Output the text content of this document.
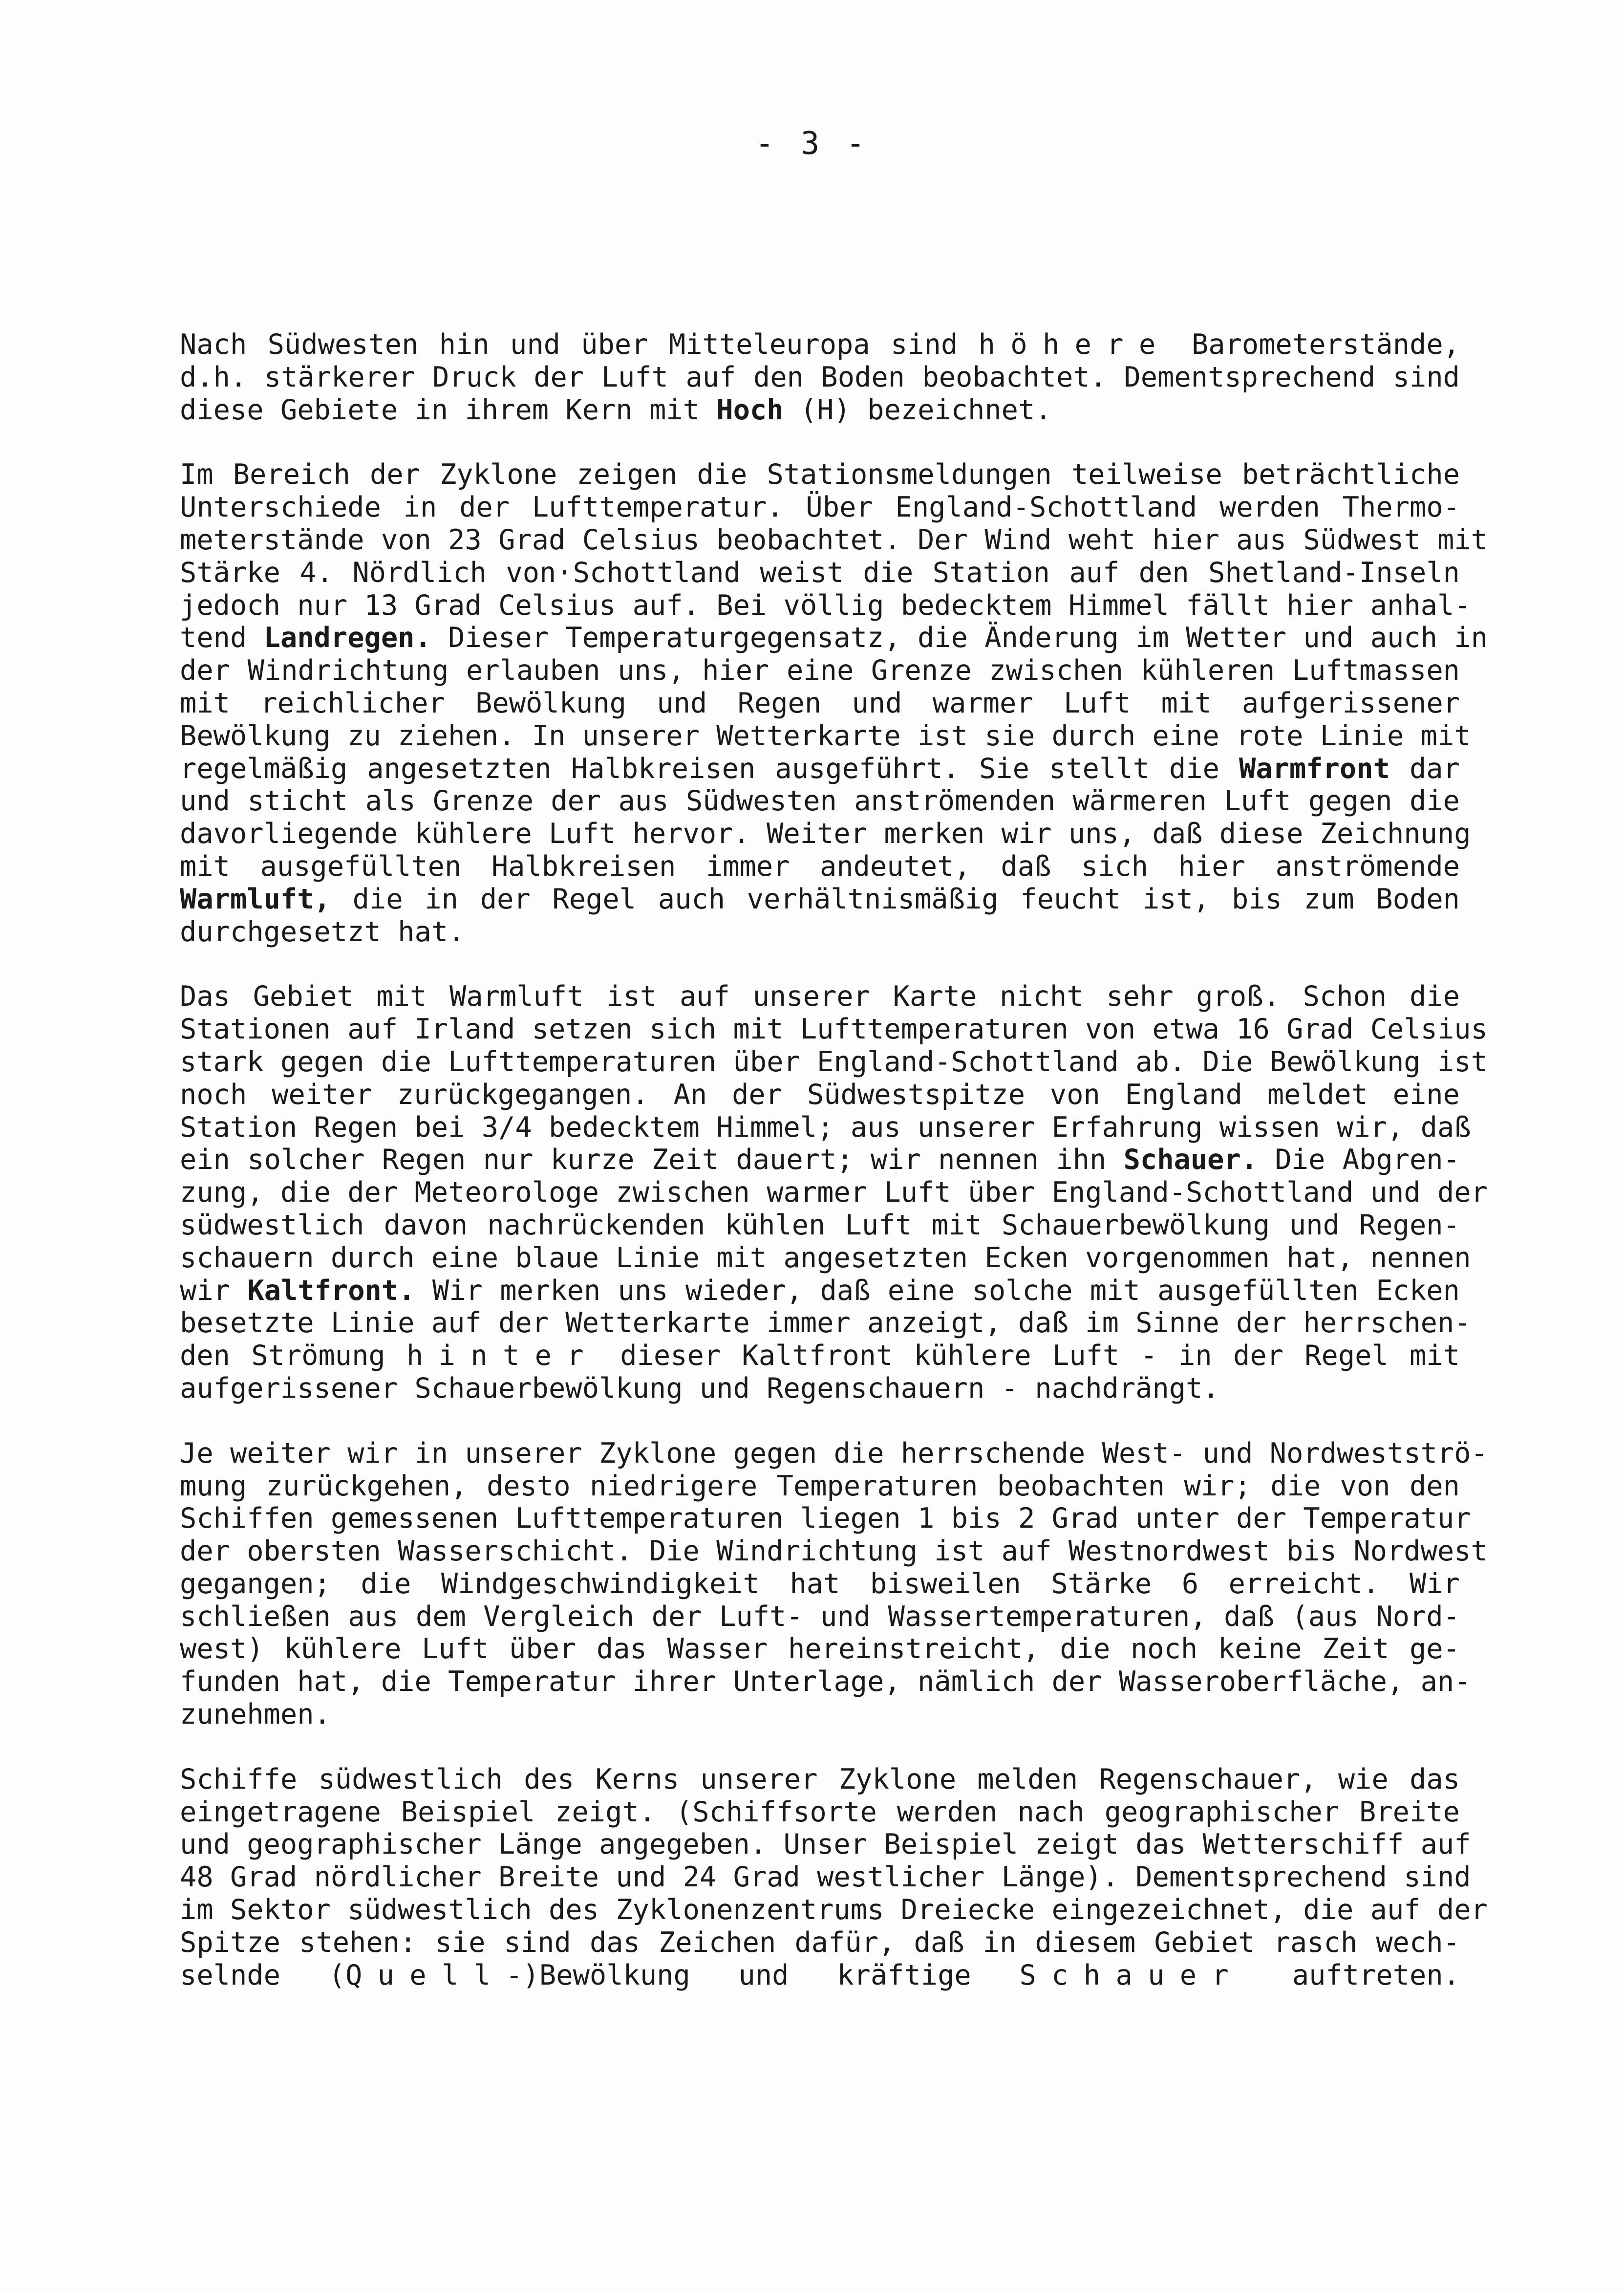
- 3 -
Nach Südwesten hin und über Mitteleuropa sind höhere Barometerstände,
d.h. stärkerer Druck der Luft auf den Boden beobachtet. Dementsprechend sind
diese Gebiete in ihrem Kern mit Hoch (H) bezeichnet.
Im Bereich der Zyklone zeigen die Stationsmeldungen teilweise beträchtliche
Unterschiede in der Lufttemperatur. Über England-Schottland werden Thermo-
meterstände von 23 Grad Celsius beobachtet. Der Wind weht hier aus Südwest mit
Stärke 4. Nördlich von·Schottland weist die Station auf den Shetland-Inseln
jedoch nur 13 Grad Celsius auf. Bei völlig bedecktem Himmel fällt hier anhal-
tend Landregen. Dieser Temperaturgegensatz, die Änderung im Wetter und auch in
der Windrichtung erlauben uns, hier eine Grenze zwischen kühleren Luftmassen
mit reichlicher Bewölkung und Regen und warmer Luft mit aufgerissener
Bewölkung zu ziehen. In unserer Wetterkarte ist sie durch eine rote Linie mit
regelmäßig angesetzten Halbkreisen ausgeführt. Sie stellt die Warmfront dar
und sticht als Grenze der aus Südwesten anströmenden wärmeren Luft gegen die
davorliegende kühlere Luft hervor. Weiter merken wir uns, daß diese Zeichnung
mit ausgefüllten Halbkreisen immer andeutet, daß sich hier anströmende
Warmluft, die in der Regel auch verhältnismäßig feucht ist, bis zum Boden
durchgesetzt hat.
Das Gebiet mit Warmluft ist auf unserer Karte nicht sehr groß. Schon die
Stationen auf Irland setzen sich mit Lufttemperaturen von etwa 16 Grad Celsius
stark gegen die Lufttemperaturen über England-Schottland ab. Die Bewölkung ist
noch weiter zurückgegangen. An der Südwestspitze von England meldet eine
Station Regen bei 3/4 bedecktem Himmel; aus unserer Erfahrung wissen wir, daß
ein solcher Regen nur kurze Zeit dauert; wir nennen ihn Schauer. Die Abgren-
zung, die der Meteorologe zwischen warmer Luft über England-Schottland und der
südwestlich davon nachrückenden kühlen Luft mit Schauerbewölkung und Regen-
schauern durch eine blaue Linie mit angesetzten Ecken vorgenommen hat, nennen
wir Kaltfront. Wir merken uns wieder, daß eine solche mit ausgefüllten Ecken
besetzte Linie auf der Wetterkarte immer anzeigt, daß im Sinne der herrschen-
den Strömung hinter dieser Kaltfront kühlere Luft - in der Regel mit
aufgerissener Schauerbewölkung und Regenschauern - nachdrängt.
Je weiter wir in unserer Zyklone gegen die herrschende West- und Nordwestströ-
mung zurückgehen, desto niedrigere Temperaturen beobachten wir; die von den
Schiffen gemessenen Lufttemperaturen liegen 1 bis 2 Grad unter der Temperatur
der obersten Wasserschicht. Die Windrichtung ist auf Westnordwest bis Nordwest
gegangen; die Windgeschwindigkeit hat bisweilen Stärke 6 erreicht. Wir
schließen aus dem Vergleich der Luft- und Wassertemperaturen, daß (aus Nord-
west) kühlere Luft über das Wasser hereinstreicht, die noch keine Zeit ge-
funden hat, die Temperatur ihrer Unterlage, nämlich der Wasseroberfläche, an-
zunehmen.
Schiffe südwestlich des Kerns unserer Zyklone melden Regenschauer, wie das
eingetragene Beispiel zeigt. (Schiffsorte werden nach geographischer Breite
und geographischer Länge angegeben. Unser Beispiel zeigt das Wetterschiff auf
48 Grad nördlicher Breite und 24 Grad westlicher Länge). Dementsprechend sind
im Sektor südwestlich des Zyklonenzentrums Dreiecke eingezeichnet, die auf der
Spitze stehen: sie sind das Zeichen dafür, daß in diesem Gebiet rasch wech-
selnde (Quell-)Bewölkung und kräftige Schauer auftreten.
